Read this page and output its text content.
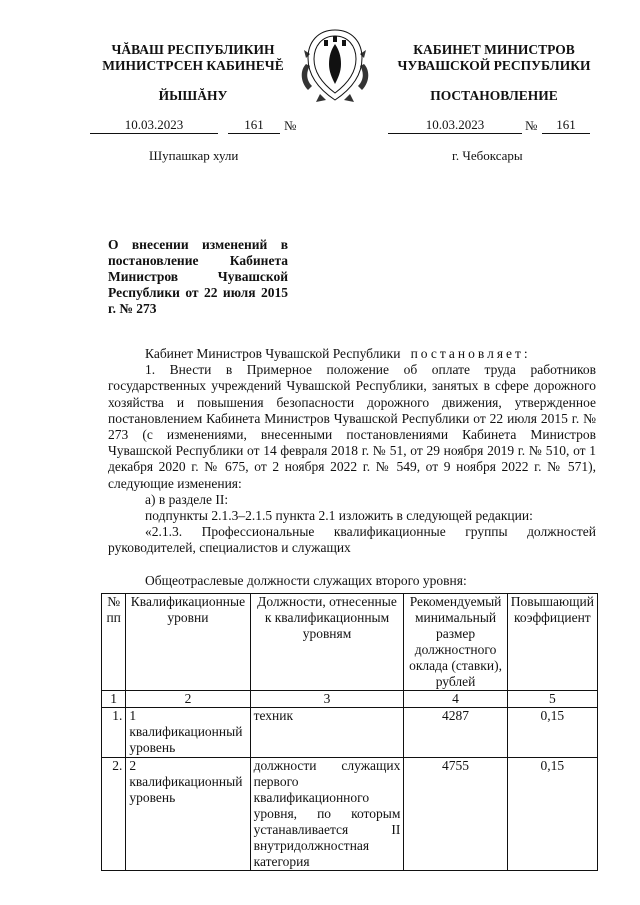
ЧĂВАШ РЕСПУБЛИКИН
МИНИСТРСЕН КАБИНЕЧĔ
ЙЫШĂНУ
КАБИНЕТ МИНИСТРОВ
ЧУВАШСКОЙ РЕСПУБЛИКИ
ПОСТАНОВЛЕНИЕ
10.03.2023	161	№	10.03.2023	№	161
Шупашкар хули	г. Чебоксары
О внесении изменений в постановление Кабинета Министров Чувашской Республики от 22 июля 2015 г. № 273
Кабинет Министров Чувашской Республики постановляет:
1. Внести в Примерное положение об оплате труда работников государственных учреждений Чувашской Республики, занятых в сфере дорожного хозяйства и повышения безопасности дорожного движения, утвержденное постановлением Кабинета Министров Чувашской Республики от 22 июля 2015 г. № 273 (с изменениями, внесенными постановлениями Кабинета Министров Чувашской Республики от 14 февраля 2018 г. № 51, от 29 ноября 2019 г. № 510, от 1 декабря 2020 г. № 675, от 2 ноября 2022 г. № 549, от 9 ноября 2022 г. № 571), следующие изменения:
а) в разделе II:
подпункты 2.1.3–2.1.5 пункта 2.1 изложить в следующей редакции:
«2.1.3. Профессиональные квалификационные группы должностей руководителей, специалистов и служащих
Общеотраслевые должности служащих второго уровня:
№ пп	Квалификационные уровни	Должности, отнесенные к квалификационным уровням	Рекомендуемый минимальный размер должностного оклада (ставки), рублей	Повышающий коэффициент
1	2	3	4	5
1.	1 квалификационный уровень	техник	4287	0,15
2.	2 квалификационный уровень	должности служащих первого квалификационного уровня, по которым устанавливается II внутридолжностная категория	4755	0,15
